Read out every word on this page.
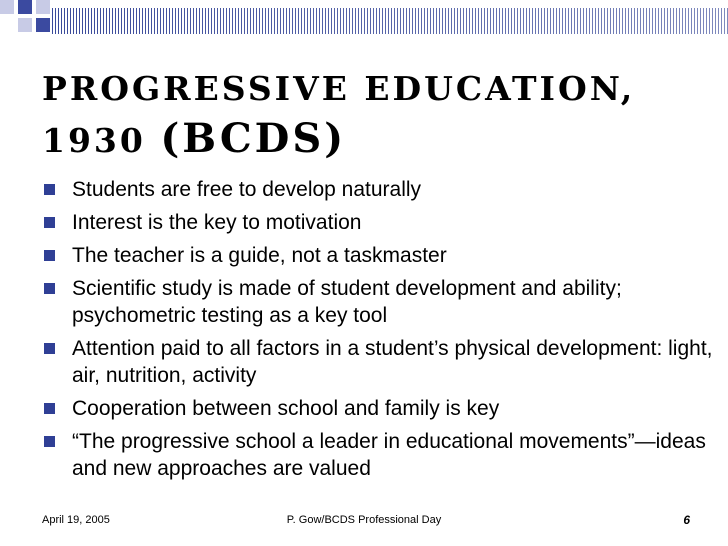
PROGRESSIVE EDUCATION,
1930 (BCDS)
Students are free to develop naturally
Interest is the key to motivation
The teacher is a guide, not a taskmaster
Scientific study is made of student development and ability; psychometric testing as a key tool
Attention paid to all factors in a student’s physical development: light, air, nutrition, activity
Cooperation between school and family is key
“The progressive school a leader in educational movements”—ideas and new approaches are valued
April 19, 2005	P. Gow/BCDS Professional Day	6
